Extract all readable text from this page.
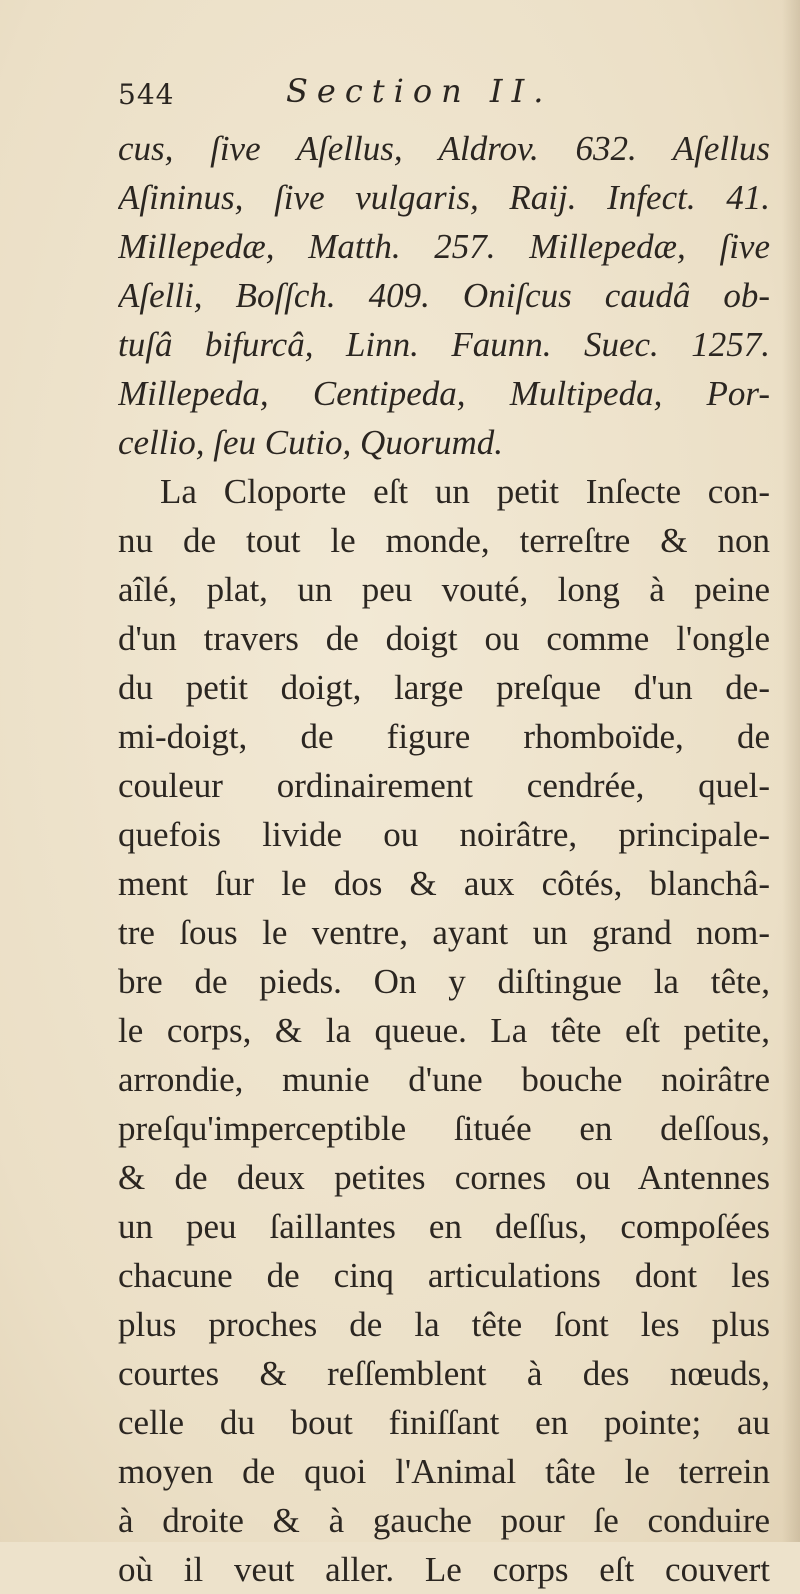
544	Section II.
cus, ſive Aſellus, Aldrov. 632. Aſellus
Aſininus, ſive vulgaris, Raij. Infect. 41.
Millepedæ, Matth. 257. Millepedæ, ſive
Aſelli, Boſſch. 409. Oniſcus caudâ ob-
tuſâ bifurcâ, Linn. Faunn. Suec. 1257.
Millepeda, Centipeda, Multipeda, Por-
cellio, ſeu Cutio, Quorumd.
La Cloporte eſt un petit Inſecte con-
nu de tout le monde, terreſtre & non
aîlé, plat, un peu vouté, long à peine
d'un travers de doigt ou comme l'ongle
du petit doigt, large preſque d'un de-
mi-doigt, de figure rhomboïde, de
couleur ordinairement cendrée, quel-
quefois livide ou noirâtre, principale-
ment ſur le dos & aux côtés, blanchâ-
tre ſous le ventre, ayant un grand nom-
bre de pieds. On y diſtingue la tête,
le corps, & la queue. La tête eſt petite,
arrondie, munie d'une bouche noirâtre
preſqu'imperceptible ſituée en deſſous,
& de deux petites cornes ou Antennes
un peu ſaillantes en deſſus, compoſées
chacune de cinq articulations dont les
plus proches de la tête ſont les plus
courtes & reſſemblent à des nœuds,
celle du bout finiſſant en pointe; au
moyen de quoi l'Animal tâte le terrein
à droite & à gauche pour ſe conduire
où il veut aller. Le corps eſt couvert
